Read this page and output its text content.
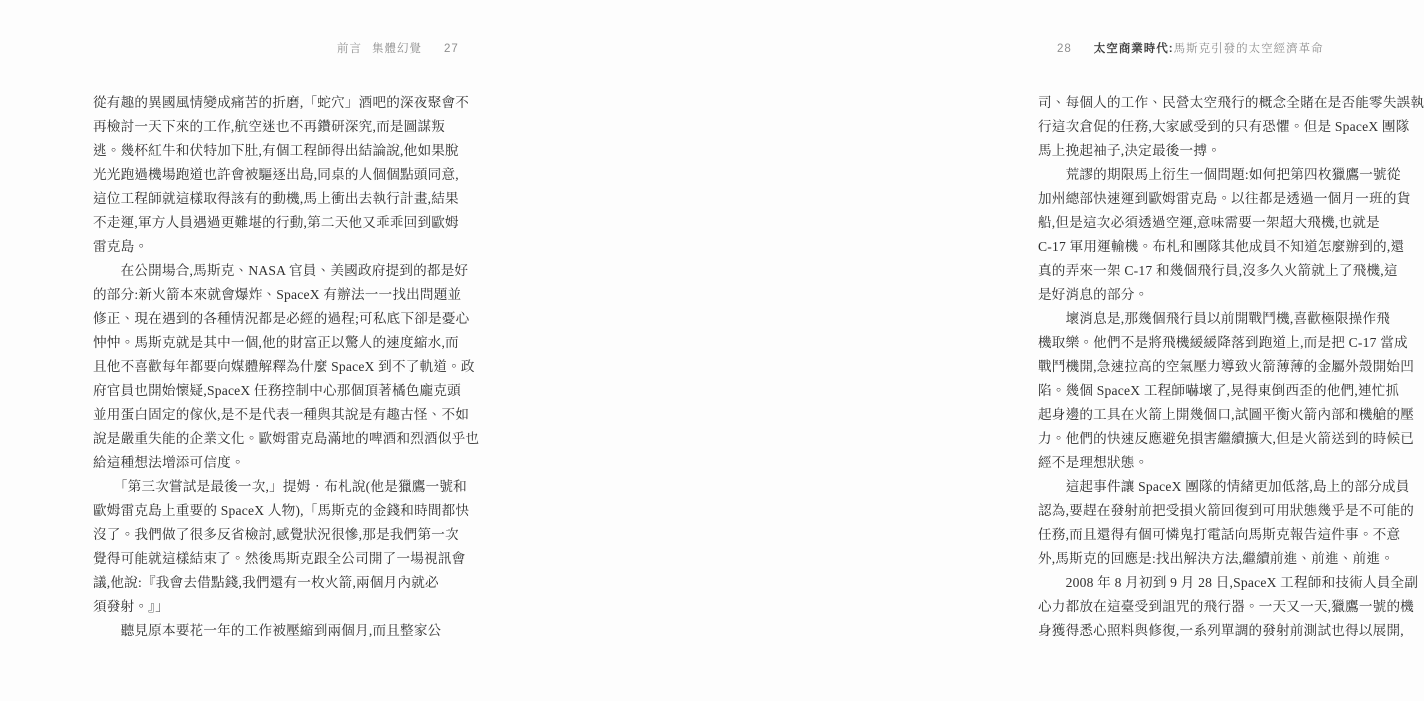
前言 集體幻覺 27

從有趣的異國風情變成痛苦的折磨,「蛇穴」酒吧的深夜聚會不

再檢討一天下來的工作,航空迷也不再鑽研深究,而是圖謀叛

逃。幾杯紅牛和伏特加下肚,有個工程師得出結論說,他如果脫

光光跑過機場跑道也許會被驅逐出島,同桌的人個個點頭同意,

這位工程師就這樣取得該有的動機,馬上衝出去執行計畫,結果

不走運,軍方人員遇過更難堪的行動,第二天他又乖乖回到歐姆

雷克島。

　　在公開場合,馬斯克、NASA 官員、美國政府提到的都是好

的部分:新火箭本來就會爆炸、SpaceX 有辦法一一找出問題並

修正、現在遇到的各種情況都是必經的過程;可私底下卻是憂心

忡忡。馬斯克就是其中一個,他的財富正以驚人的速度縮水,而

且他不喜歡每年都要向媒體解釋為什麼 SpaceX 到不了軌道。政

府官員也開始懷疑,SpaceX 任務控制中心那個頂著橘色龐克頭

並用蛋白固定的傢伙,是不是代表一種與其說是有趣古怪、不如

說是嚴重失能的企業文化。歐姆雷克島滿地的啤酒和烈酒似乎也

給這種想法增添可信度。

　　「第三次嘗試是最後一次,」提姆‧布札說(他是獵鷹一號和

歐姆雷克島上重要的 SpaceX 人物),「馬斯克的金錢和時間都快

沒了。我們做了很多反省檢討,感覺狀況很慘,那是我們第一次

覺得可能就這樣結束了。然後馬斯克跟全公司開了一場視訊會

議,他說:『我會去借點錢,我們還有一枚火箭,兩個月內就必

須發射。』」

　　聽見原本要花一年的工作被壓縮到兩個月,而且整家公

28 太空商業時代:馬斯克引發的太空經濟革命

司、每個人的工作、民營太空飛行的概念全賭在是否能零失誤執

行這次倉促的任務,大家感受到的只有恐懼。但是 SpaceX 團隊

馬上挽起袖子,決定最後一搏。

　　荒謬的期限馬上衍生一個問題:如何把第四枚獵鷹一號從

加州總部快速運到歐姆雷克島。以往都是透過一個月一班的貨

船,但是這次必須透過空運,意味需要一架超大飛機,也就是

C-17 軍用運輸機。布札和團隊其他成員不知道怎麼辦到的,還

真的弄來一架 C-17 和幾個飛行員,沒多久火箭就上了飛機,這

是好消息的部分。

　　壞消息是,那幾個飛行員以前開戰鬥機,喜歡極限操作飛

機取樂。他們不是將飛機緩緩降落到跑道上,而是把 C-17 當成

戰鬥機開,急速拉高的空氣壓力導致火箭薄薄的金屬外殼開始凹

陷。幾個 SpaceX 工程師嚇壞了,晃得東倒西歪的他們,連忙抓

起身邊的工具在火箭上開幾個口,試圖平衡火箭內部和機艙的壓

力。他們的快速反應避免損害繼續擴大,但是火箭送到的時候已

經不是理想狀態。

　　這起事件讓 SpaceX 團隊的情緒更加低落,島上的部分成員

認為,要趕在發射前把受損火箭回復到可用狀態幾乎是不可能的

任務,而且還得有個可憐鬼打電話向馬斯克報告這件事。不意

外,馬斯克的回應是:找出解決方法,繼續前進、前進、前進。

　　2008 年 8 月初到 9 月 28 日,SpaceX 工程師和技術人員全副

心力都放在這臺受到詛咒的飛行器。一天又一天,獵鷹一號的機

身獲得悉心照料與修復,一系列單調的發射前測試也得以展開,
